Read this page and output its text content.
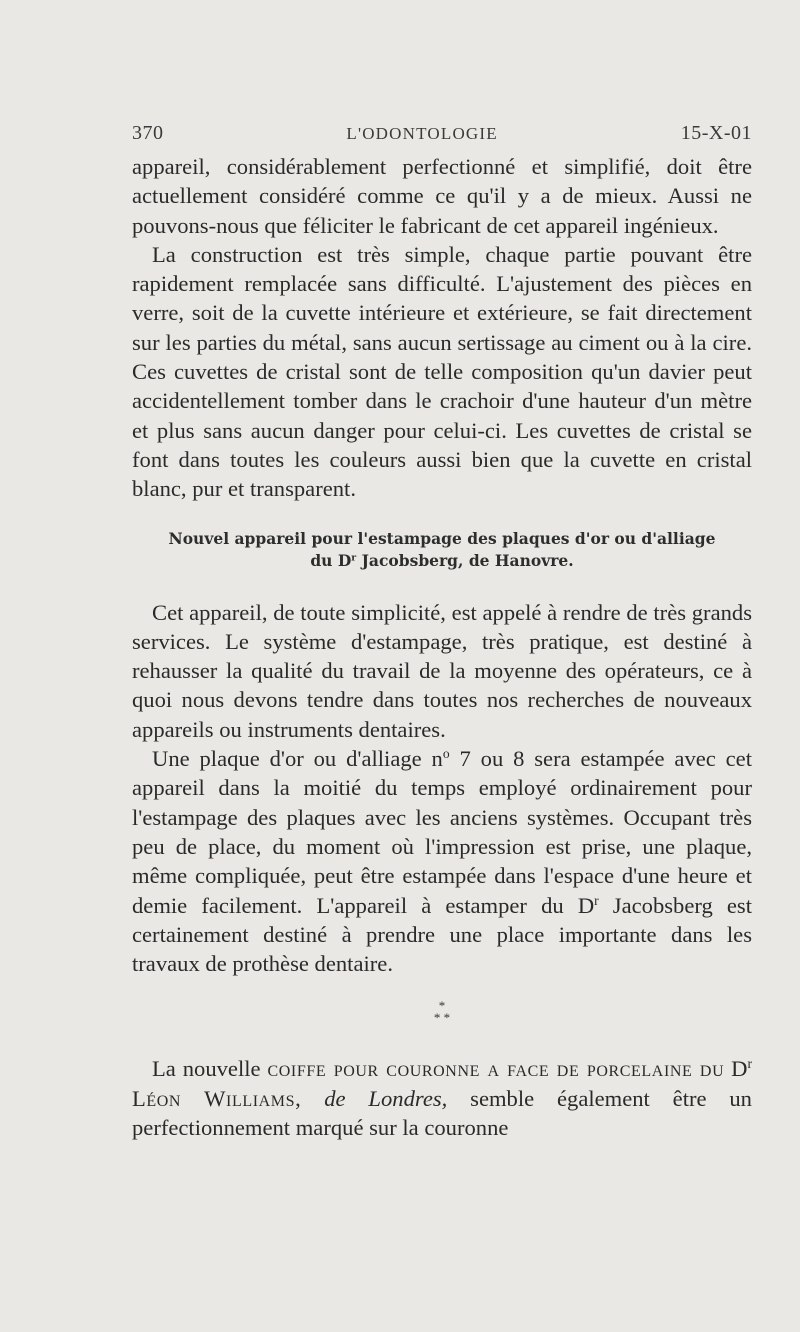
370	L'ODONTOLOGIE	15-X-01

appareil, considérablement perfectionné et simplifié, doit être actuellement considéré comme ce qu'il y a de mieux. Aussi ne pouvons-nous que féliciter le fabricant de cet appareil ingénieux.

La construction est très simple, chaque partie pouvant être rapidement remplacée sans difficulté. L'ajustement des pièces en verre, soit de la cuvette intérieure et extérieure, se fait directement sur les parties du métal, sans aucun sertissage au ciment ou à la cire. Ces cuvettes de cristal sont de telle composition qu'un davier peut accidentellement tomber dans le crachoir d'une hauteur d'un mètre et plus sans aucun danger pour celui-ci. Les cuvettes de cristal se font dans toutes les couleurs aussi bien que la cuvette en cristal blanc, pur et transparent.

Nouvel appareil pour l'estampage des plaques d'or ou d'alliage
du $D^r$ Jacobsberg, de Hanovre.

Cet appareil, de toute simplicité, est appelé à rendre de très grands services. Le système d'estampage, très pratique, est destiné à rehausser la qualité du travail de la moyenne des opérateurs, ce à quoi nous devons tendre dans toutes nos recherches de nouveaux appareils ou instruments dentaires.

Une plaque d'or ou d'alliage $n^o$ 7 ou 8 sera estampée avec cet appareil dans la moitié du temps employé ordinairement pour l'estampage des plaques avec les anciens systèmes. Occupant très peu de place, du moment où l'impression est prise, une plaque, même compliquée, peut être estampée dans l'espace d'une heure et demie facilement. L'appareil à estamper du $D^r$ Jacobsberg est certainement destiné à prendre une place importante dans les travaux de prothèse dentaire.

*
* *

La nouvelle coiffe pour couronne a face de porcelaine du $D^r$ Léon Williams, de Londres, semble également être un perfectionnement marqué sur la couronne
